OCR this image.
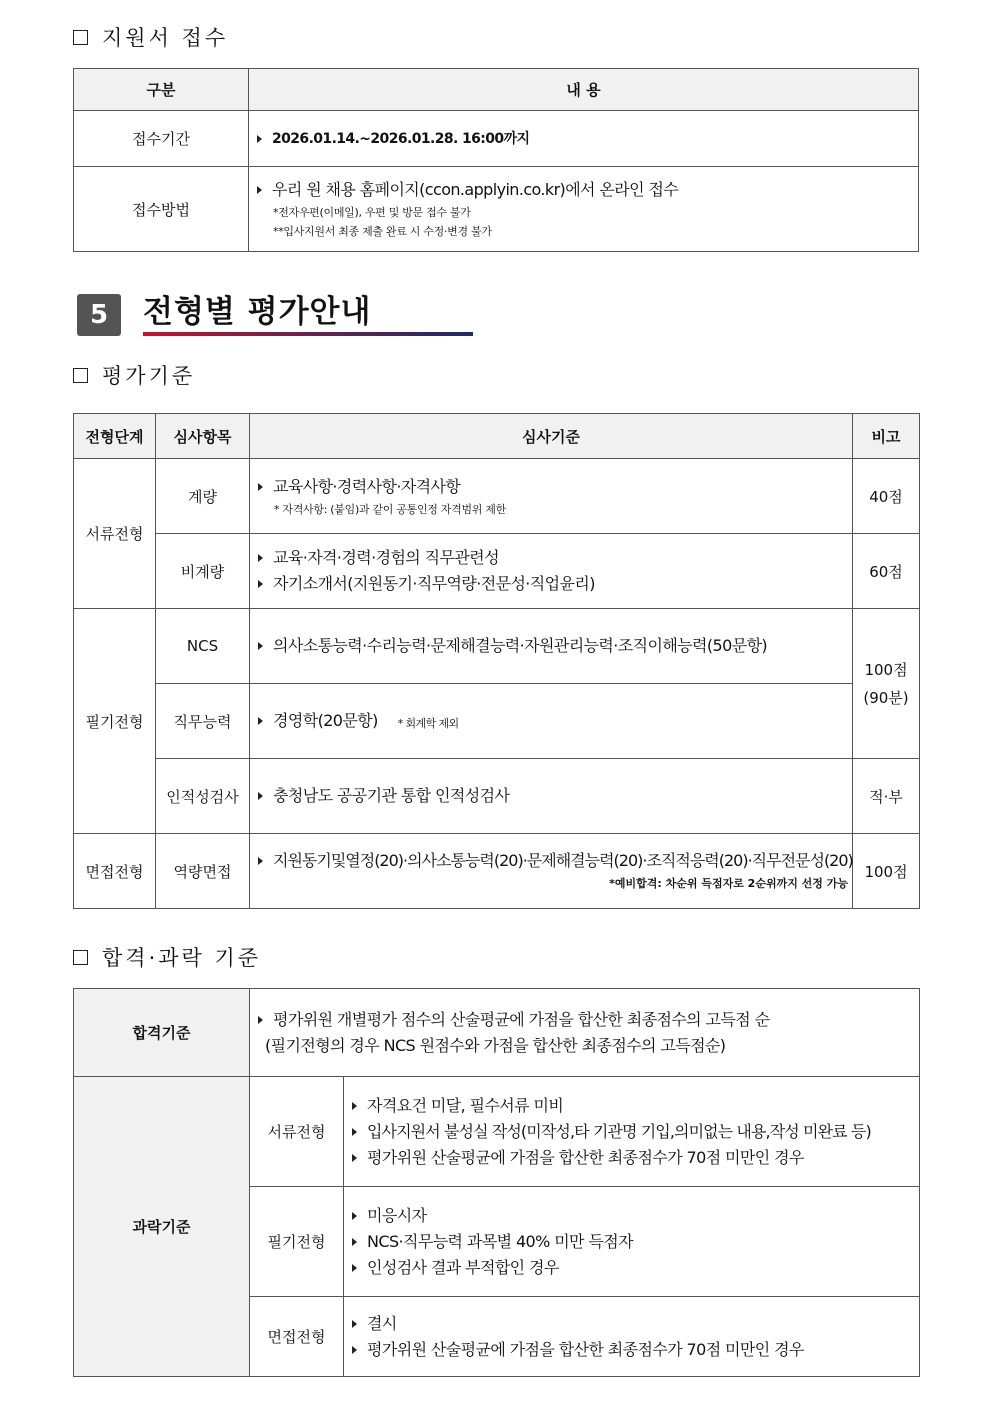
지원서 접수
구분	내 용
접수기간	2026.01.14.~2026.01.28. 16:00까지

접수방법	우리 원 채용 홈페이지(ccon.applyin.co.kr)에서 온라인 접수
*전자우편(이메일), 우편 및 방문 접수 불가
**입사지원서 최종 제출 완료 시 수정·변경 불가
5	전형별 평가안내
평가기준
전형단계	심사항목	심사기준	비고
서류전형	계량	교육사항·경력사항·자격사항
* 자격사항: (붙임)과 같이 공통인정 자격범위 제한	40점
	비계량	교육·자격·경력·경험의 직무관련성
자기소개서(지원동기·직무역량·전문성·직업윤리)	60점
필기전형	NCS	의사소통능력·수리능력·문제해결능력·자원관리능력·조직이해능력(50문항)	100점
(90분)

	직무능력	경영학(20문항) * 회계학 제외	

	인적성검사	충청남도 공공기관 통합 인적성검사	적·부
면접전형	역량면접	지원동기및열정(20)·의사소통능력(20)·문제해결능력(20)·조직적응력(20)·직무전문성(20)
*예비합격: 차순위 득점자로 2순위까지 선정 가능	100점
합격·과락 기준
합격기준	평가위원 개별평가 점수의 산술평균에 가점을 합산한 최종점수의 고득점 순
(필기전형의 경우 NCS 원점수와 가점을 합산한 최종점수의 고득점순)	

과락기준	서류전형	자격요건 미달, 필수서류 미비
입사지원서 불성실 작성(미작성,타 기관명 기입,의미없는 내용,작성 미완료 등)
평가위원 산술평균에 가점을 합산한 최종점수가 70점 미만인 경우

	필기전형	미응시자
NCS·직무능력 과목별 40% 미만 득점자
인성검사 결과 부적합인 경우

	면접전형	결시
평가위원 산술평균에 가점을 합산한 최종점수가 70점 미만인 경우
